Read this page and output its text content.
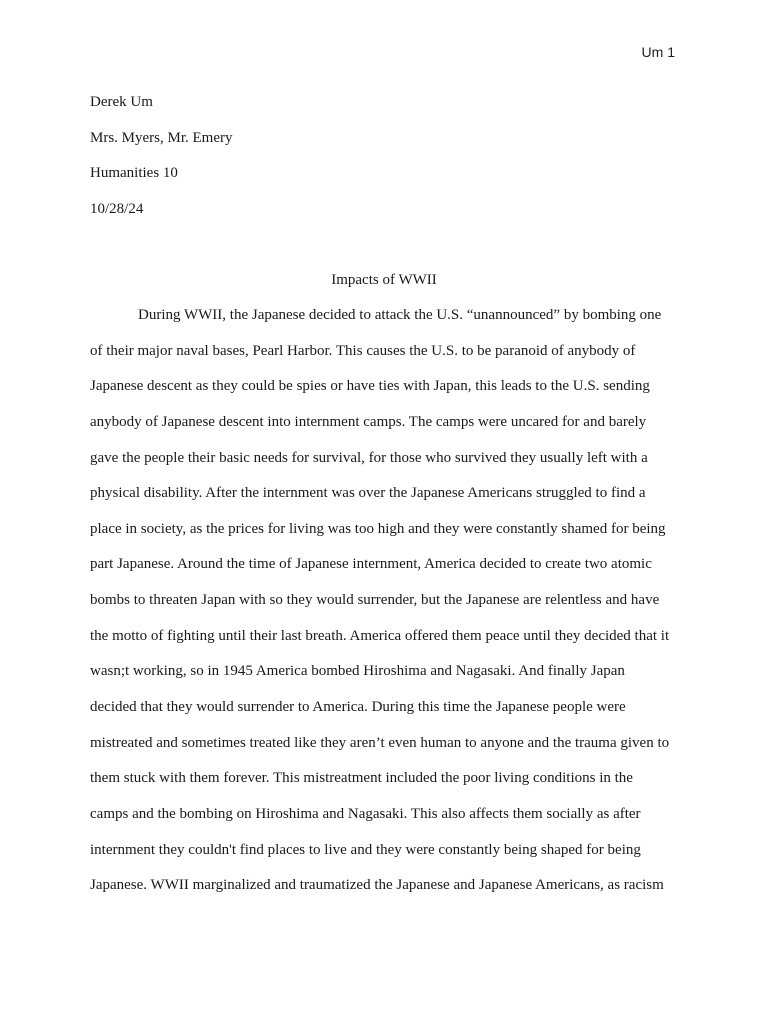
Um 1
Derek Um
Mrs. Myers, Mr. Emery
Humanities 10
10/28/24
Impacts of WWII
During WWII, the Japanese decided to attack the U.S. “unannounced” by bombing one
of their major naval bases, Pearl Harbor. This causes the U.S. to be paranoid of anybody of
Japanese descent as they could be spies or have ties with Japan, this leads to the U.S. sending
anybody of Japanese descent into internment camps. The camps were uncared for and barely
gave the people their basic needs for survival, for those who survived they usually left with a
physical disability. After the internment was over the Japanese Americans struggled to find a
place in society, as the prices for living was too high and they were constantly shamed for being
part Japanese. Around the time of Japanese internment, America decided to create two atomic
bombs to threaten Japan with so they would surrender, but the Japanese are relentless and have
the motto of fighting until their last breath. America offered them peace until they decided that it
wasn;t working, so in 1945 America bombed Hiroshima and Nagasaki. And finally Japan
decided that they would surrender to America. During this time the Japanese people were
mistreated and sometimes treated like they aren’t even human to anyone and the trauma given to
them stuck with them forever. This mistreatment included the poor living conditions in the
camps and the bombing on Hiroshima and Nagasaki. This also affects them socially as after
internment they couldn't find places to live and they were constantly being shaped for being
Japanese. WWII marginalized and traumatized the Japanese and Japanese Americans, as racism
